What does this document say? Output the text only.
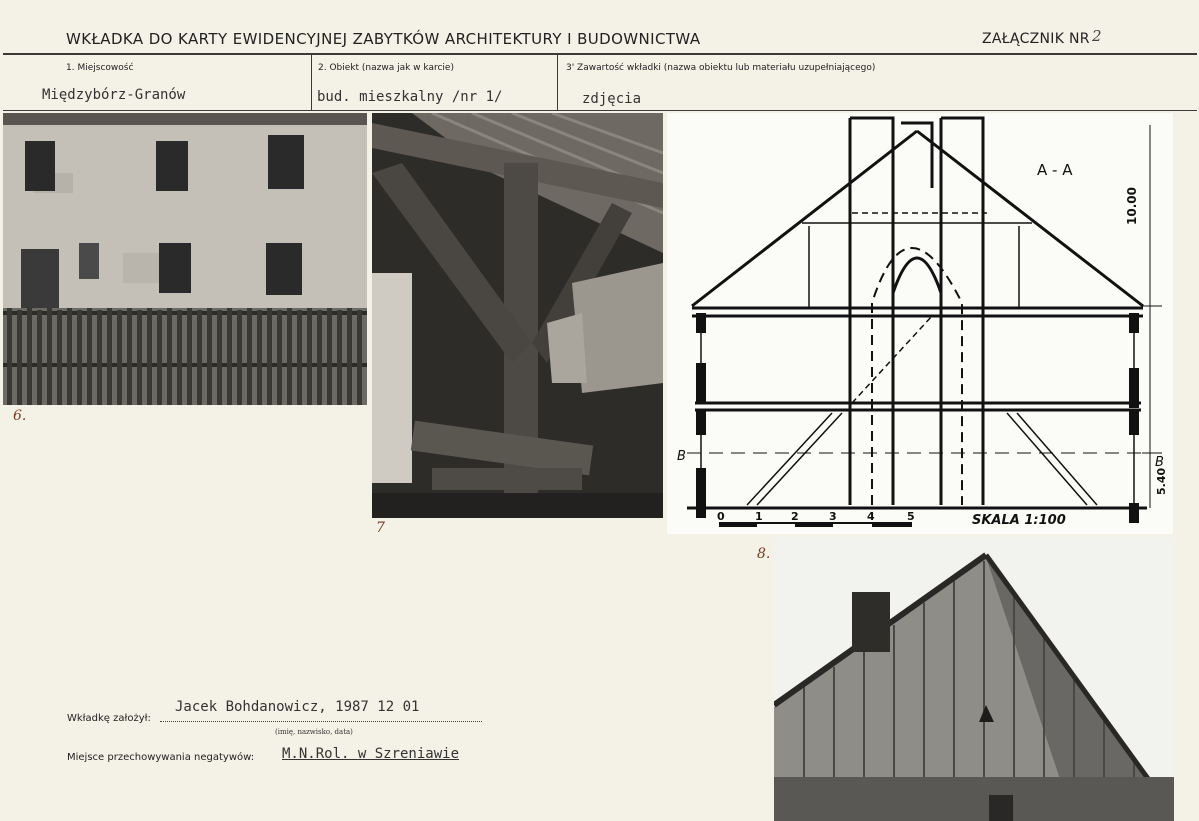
WKŁADKA DO KARTY EWIDENCYJNEJ ZABYTKÓW ARCHITEKTURY I BUDOWNICTWA	ZAŁĄCZNIK NR 2
1. Miejscowość
Międzybórz-Granów
2. Obiekt (nazwa jak w karcie)
bud. mieszkalny /nr 1/
3' Zawartość wkładki (nazwa obiektu lub materiału uzupełniającego)
zdjęcia
6.
7
A - A
10.00
5.40
B	B
0	1	2	3	4	5	SKALA 1:100
8.
Wkładkę założył:
Jacek Bohdanowicz, 1987 12 01
(imię, nazwisko, data)
Miejsce przechowywania negatywów: M.N.Rol. w Szreniawie
